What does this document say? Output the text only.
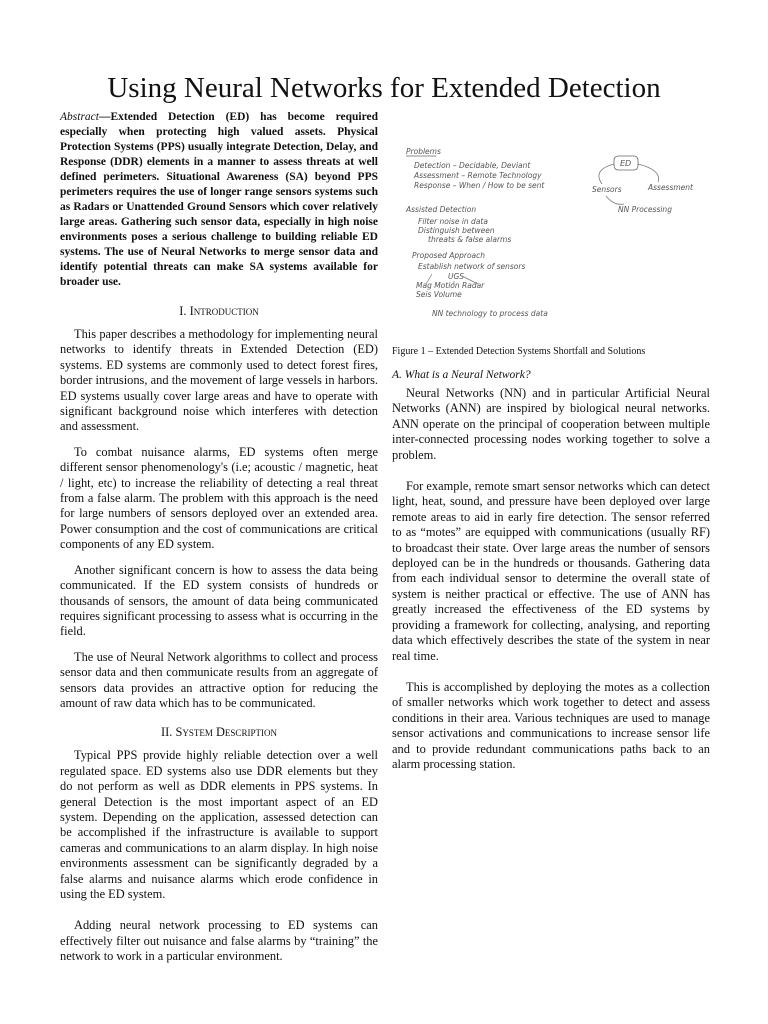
Using Neural Networks for Extended Detection

Abstract—Extended Detection (ED) has become required especially when protecting high valued assets. Physical Protection Systems (PPS) usually integrate Detection, Delay, and Response (DDR) elements in a manner to assess threats at well defined perimeters. Situational Awareness (SA) beyond PPS perimeters requires the use of longer range sensors systems such as Radars or Unattended Ground Sensors which cover relatively large areas. Gathering such sensor data, especially in high noise environments poses a serious challenge to building reliable ED systems. The use of Neural Networks to merge sensor data and identify potential threats can make SA systems available for broader use.

I. Introduction

This paper describes a methodology for implementing neural networks to identify threats in Extended Detection (ED) systems. ED systems are commonly used to detect forest fires, border intrusions, and the movement of large vessels in harbors. ED systems usually cover large areas and have to operate with significant background noise which interferes with detection and assessment.

To combat nuisance alarms, ED systems often merge different sensor phenomenology's (i.e; acoustic / magnetic, heat / light, etc) to increase the reliability of detecting a real threat from a false alarm. The problem with this approach is the need for large numbers of sensors deployed over an extended area. Power consumption and the cost of communications are critical components of any ED system.

Another significant concern is how to assess the data being communicated. If the ED system consists of hundreds or thousands of sensors, the amount of data being communicated requires significant processing to assess what is occurring in the field.

The use of Neural Network algorithms to collect and process sensor data and then communicate results from an aggregate of sensors data provides an attractive option for reducing the amount of raw data which has to be communicated.

II. System Description

Typical PPS provide highly reliable detection over a well regulated space. ED systems also use DDR elements but they do not perform as well as DDR elements in PPS systems. In general Detection is the most important aspect of an ED system. Depending on the application, assessed detection can be accomplished if the infrastructure is available to support cameras and communications to an alarm display. In high noise environments assessment can be significantly degraded by a false alarms and nuisance alarms which erode confidence in using the ED system.

Adding neural network processing to ED systems can effectively filter out nuisance and false alarms by “training” the network to work in a particular environment.

Problems
Detection – Decidable, Deviant
Assessment – Remote Technology
Response – When / How to be sent
Assisted Detection
Filter noise in data
Distinguish between
threats & false alarms
Proposed Approach
Establish network of sensors
UGS
Mag Motion Radar
Seis Volume
NN technology to process data
ED
Sensors	Assessment
NN Processing

Figure 1 – Extended Detection Systems Shortfall and Solutions

A. What is a Neural Network?

Neural Networks (NN) and in particular Artificial Neural Networks (ANN) are inspired by biological neural networks. ANN operate on the principal of cooperation between multiple inter-connected processing nodes working together to solve a problem.

For example, remote smart sensor networks which can detect light, heat, sound, and pressure have been deployed over large remote areas to aid in early fire detection. The sensor referred to as “motes” are equipped with communications (usually RF) to broadcast their state. Over large areas the number of sensors deployed can be in the hundreds or thousands. Gathering data from each individual sensor to determine the overall state of system is neither practical or effective. The use of ANN has greatly increased the effectiveness of the ED systems by providing a framework for collecting, analysing, and reporting data which effectively describes the state of the system in near real time.

This is accomplished by deploying the motes as a collection of smaller networks which work together to detect and assess conditions in their area. Various techniques are used to manage sensor activations and communications to increase sensor life and to provide redundant communications paths back to an alarm processing station.
